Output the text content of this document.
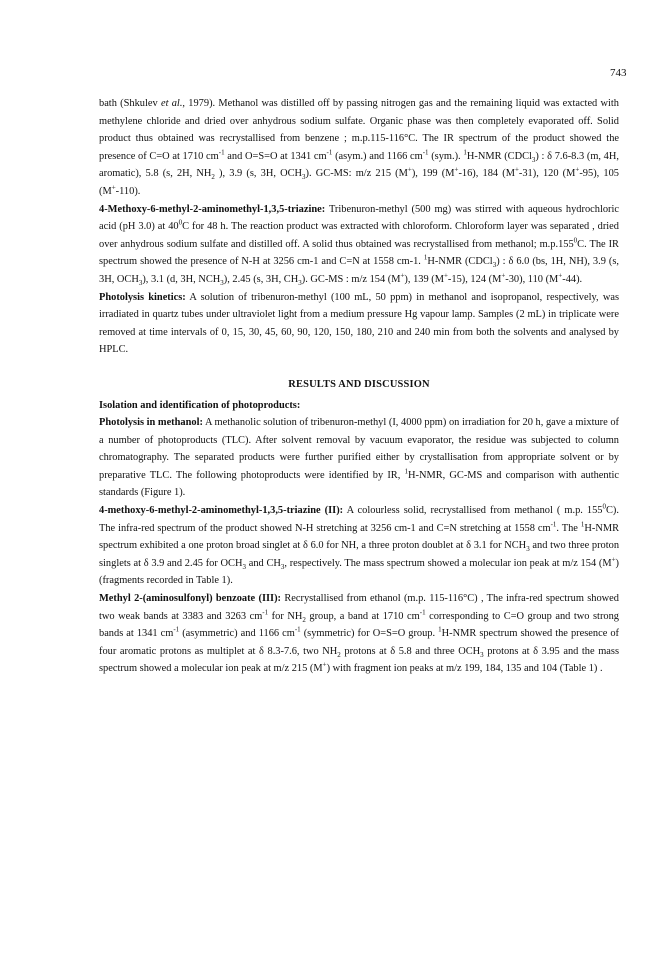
743

bath (Shkulev et al., 1979). Methanol was distilled off by passing nitrogen gas and the remaining liquid was extacted with methylene chloride and dried over anhydrous sodium sulfate. Organic phase was then completely evaporated off. Solid product thus obtained was recrystallised from benzene ; m.p.115-116°C. The IR spectrum of the product showed the presence of C=O at 1710 $cm^{-1}$ and O=S=O at 1341 $cm^{-1}$ (asym.) and 1166 $cm^{-1}$ (sym.). $^1$H-NMR (CDCl$_3$) : δ 7.6-8.3 (m, 4H, aromatic), 5.8 (s, 2H, $NH_2$ ), 3.9 (s, 3H, $OCH_3$). GC-MS: m/z 215 (M+), 199 (M+-16), 184 (M+-31), 120 (M+-95), 105 (M+-110).

4-Methoxy-6-methyl-2-aminomethyl-1,3,5-triazine: Tribenuron-methyl (500 mg) was stirred with aqueous hydrochloric acid (pH 3.0) at $40^0C$ for 48 h. The reaction product was extracted with chloroform. Chloroform layer was separated , dried over anhydrous sodium sulfate and distilled off. A solid thus obtained was recrystallised from methanol; m.p.155$^0$C. The IR spectrum showed the presence of N-H at 3256 cm-1 and C=N at 1558 cm-1. $^1$H-NMR (CDCl$_3$) : δ 6.0 (bs, 1H, NH), 3.9 (s, 3H, $OCH_3$), 3.1 (d, 3H, $NCH_3$), 2.45 (s, 3H, $CH_3$). GC-MS : m/z 154 (M+), 139 (M+-15), 124 (M+-30), 110 (M+-44).

Photolysis kinetics: A solution of tribenuron-methyl (100 mL, 50 ppm) in methanol and isopropanol, respectively, was irradiated in quartz tubes under ultraviolet light from a medium pressure Hg vapour lamp. Samples (2 mL) in triplicate were removed at time intervals of 0, 15, 30, 45, 60, 90, 120, 150, 180, 210 and 240 min from both the solvents and analysed by HPLC.

RESULTS AND DISCUSSION

Isolation and identification of photoproducts:

Photolysis in methanol: A methanolic solution of tribenuron-methyl (I, 4000 ppm) on irradiation for 20 h, gave a mixture of a number of photoproducts (TLC). After solvent removal by vacuum evaporator, the residue was subjected to column chromatography. The separated products were further purified either by crystallisation from appropriate solvent or by preparative TLC. The following photoproducts were identified by IR, $^1$H-NMR, GC-MS and comparison with authentic standards (Figure 1).

4-methoxy-6-methyl-2-aminomethyl-1,3,5-triazine (II): A colourless solid, recrystallised from methanol ( m.p. $155^0C$). The infra-red spectrum of the product showed N-H stretching at 3256 cm-1 and C=N stretching at 1558 $cm^{-1}$. The $^1$H-NMR spectrum exhibited a one proton broad singlet at δ 6.0 for NH, a three proton doublet at δ 3.1 for $NCH_3$ and two three proton singlets at δ 3.9 and 2.45 for $OCH_3$ and $CH_3$, respectively. The mass spectrum showed a molecular ion peak at m/z 154 (M+) (fragments recorded in Table 1).

Methyl 2-(aminosulfonyl) benzoate (III): Recrystallised from ethanol (m.p. 115-116°C) , The infra-red spectrum showed two weak bands at 3383 and 3263 $cm^{-1}$ for $NH_2$ group, a band at 1710 $cm^{-1}$ corresponding to C=O group and two strong bands at 1341 $cm^{-1}$ (asymmetric) and 1166 $cm^{-1}$ (symmetric) for O=S=O group. $^1$H-NMR spectrum showed the presence of four aromatic protons as multiplet at δ 8.3-7.6, two $NH_2$ protons at δ 5.8 and three $OCH_3$ protons at δ 3.95 and the mass spectrum showed a molecular ion peak at m/z 215 (M+) with fragment ion peaks at m/z 199, 184, 135 and 104 (Table 1) .
